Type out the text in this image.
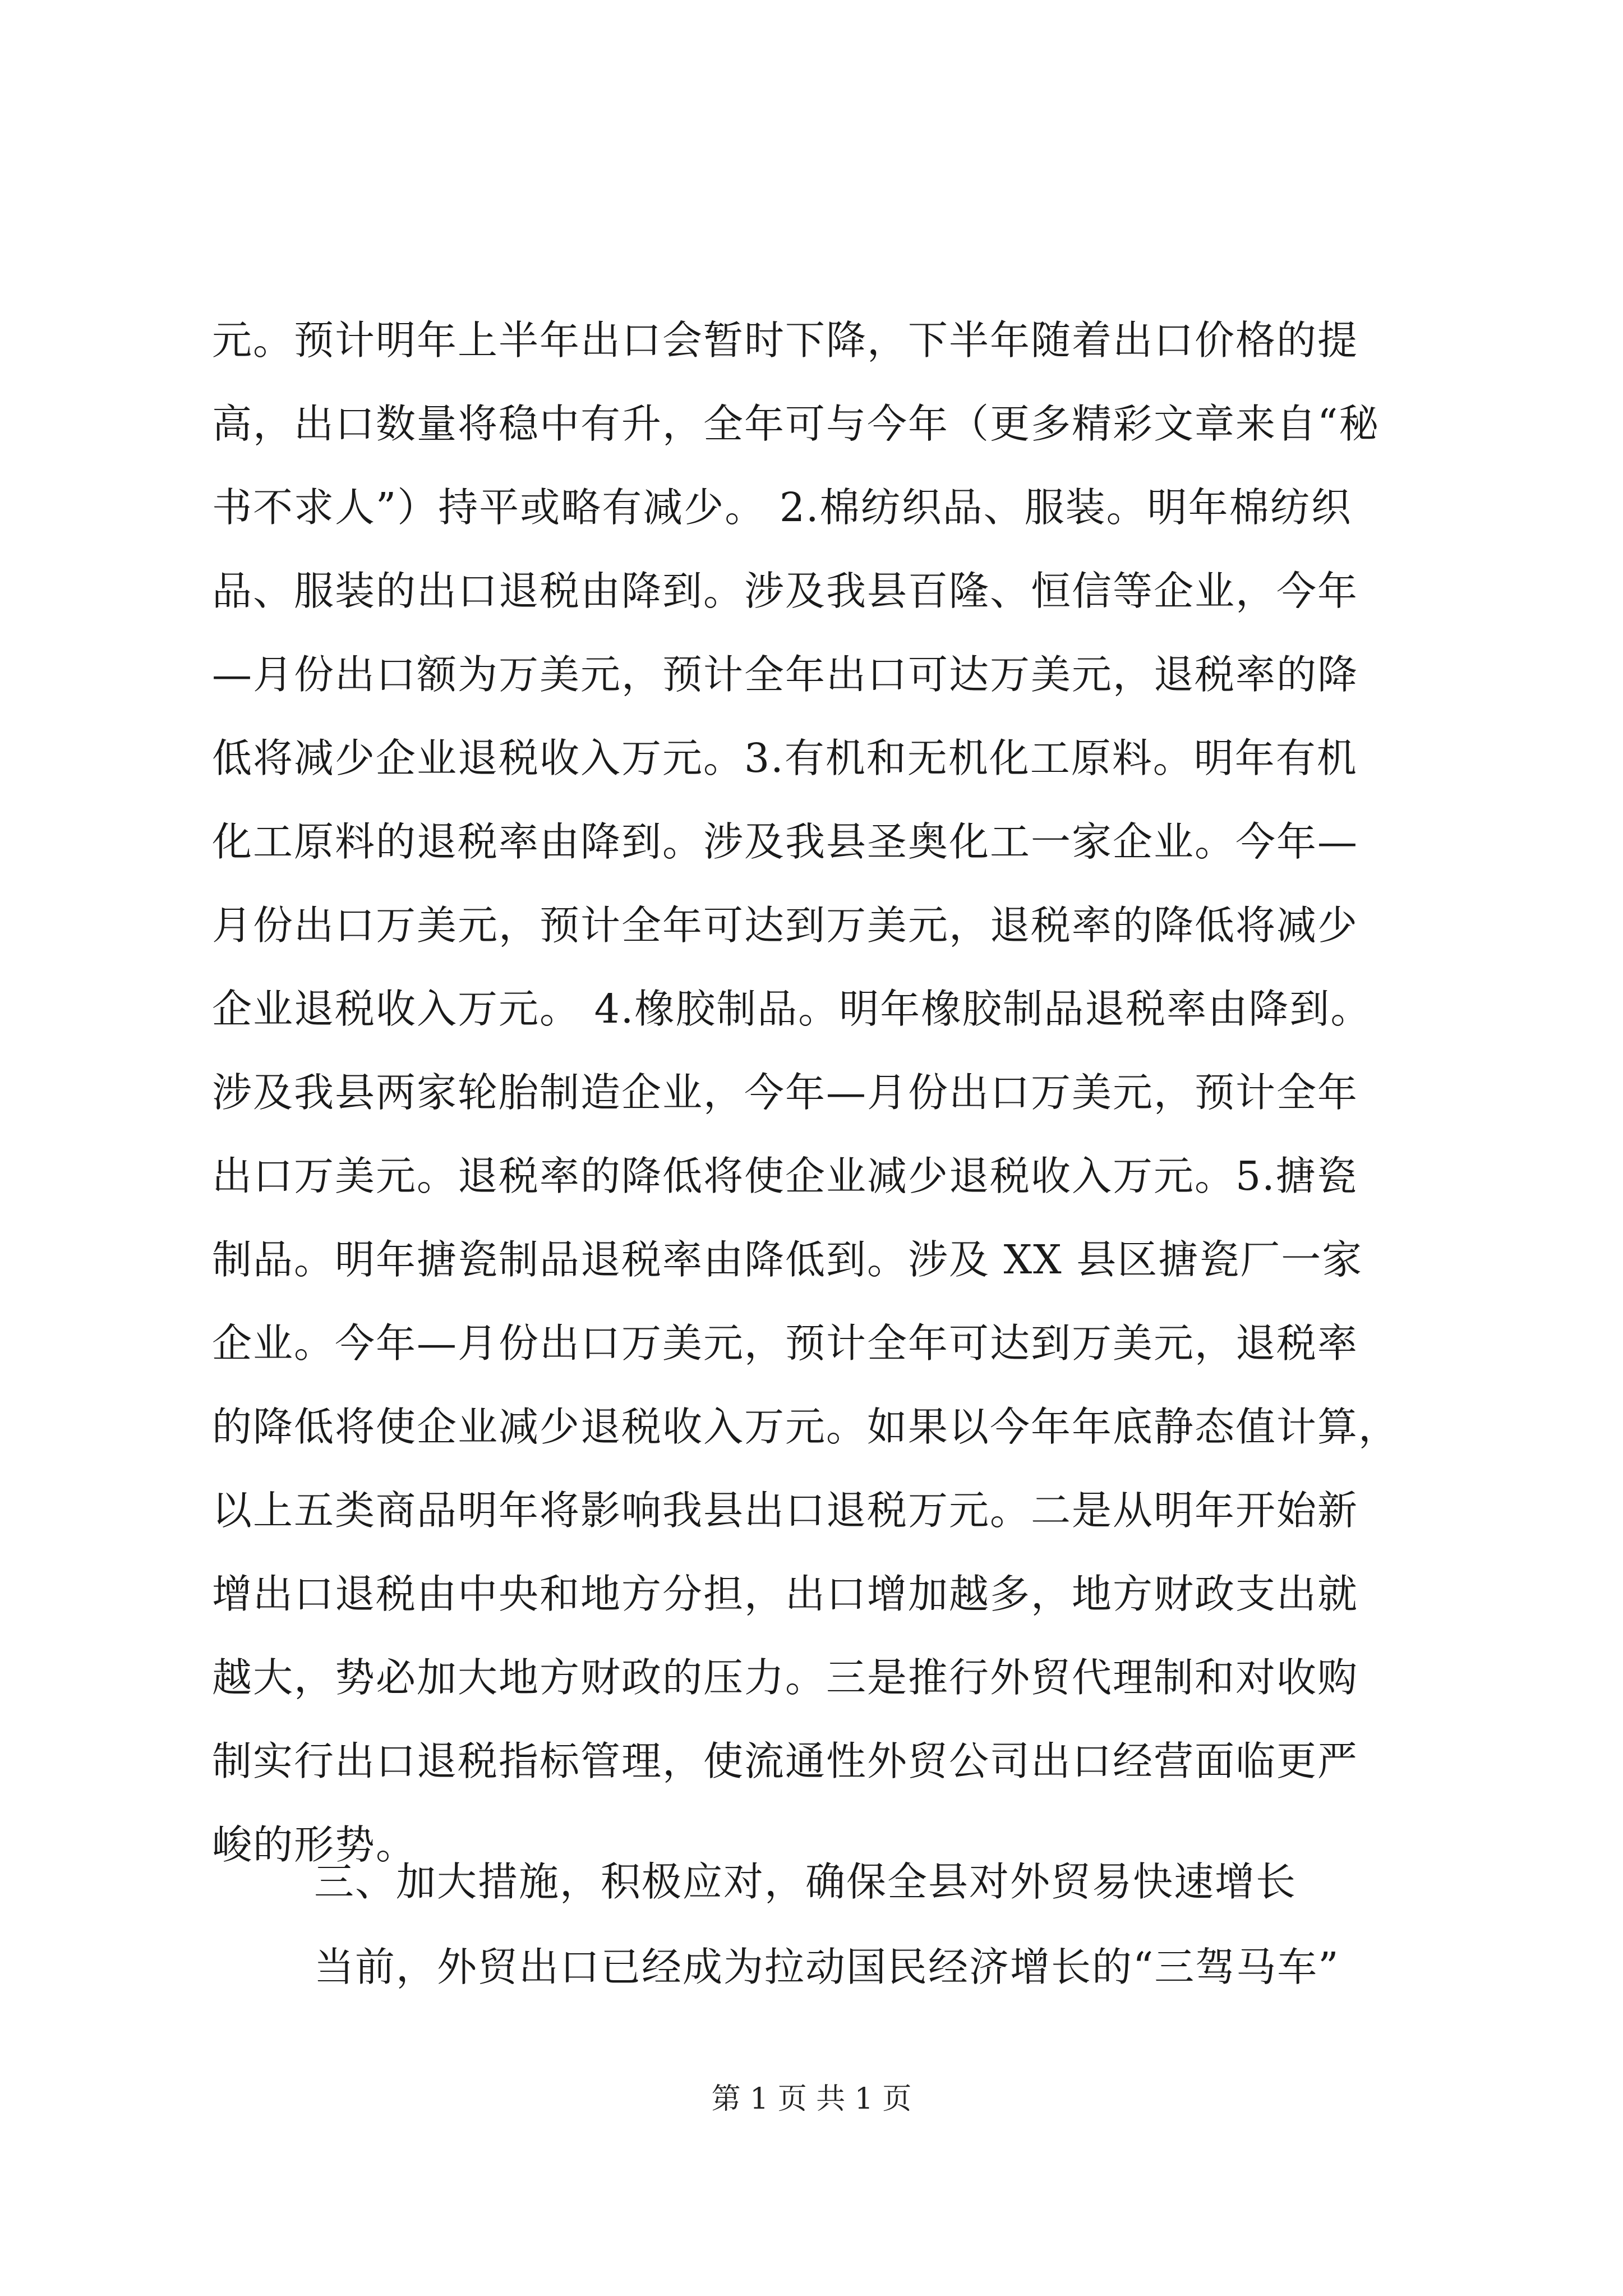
元。预计明年上半年出口会暂时下降，下半年随着出口价格的提
高，出口数量将稳中有升，全年可与今年（更多精彩文章来自“秘
书不求人”）持平或略有减少。 2.棉纺织品、服装。明年棉纺织
品、服装的出口退税由降到。涉及我县百隆、恒信等企业，今年
—月份出口额为万美元，预计全年出口可达万美元，退税率的降
低将减少企业退税收入万元。3.有机和无机化工原料。明年有机
化工原料的退税率由降到。涉及我县圣奥化工一家企业。今年—
月份出口万美元，预计全年可达到万美元，退税率的降低将减少
企业退税收入万元。 4.橡胶制品。明年橡胶制品退税率由降到。
涉及我县两家轮胎制造企业，今年—月份出口万美元，预计全年
出口万美元。退税率的降低将使企业减少退税收入万元。5.搪瓷
制品。明年搪瓷制品退税率由降低到。涉及 XX 县区搪瓷厂一家
企业。今年—月份出口万美元，预计全年可达到万美元，退税率
的降低将使企业减少退税收入万元。如果以今年年底静态值计算，
以上五类商品明年将影响我县出口退税万元。二是从明年开始新
增出口退税由中央和地方分担，出口增加越多，地方财政支出就
越大，势必加大地方财政的压力。三是推行外贸代理制和对收购
制实行出口退税指标管理，使流通性外贸公司出口经营面临更严
峻的形势。
三、加大措施，积极应对，确保全县对外贸易快速增长
当前，外贸出口已经成为拉动国民经济增长的“三驾马车”
第 1 页 共 1 页
